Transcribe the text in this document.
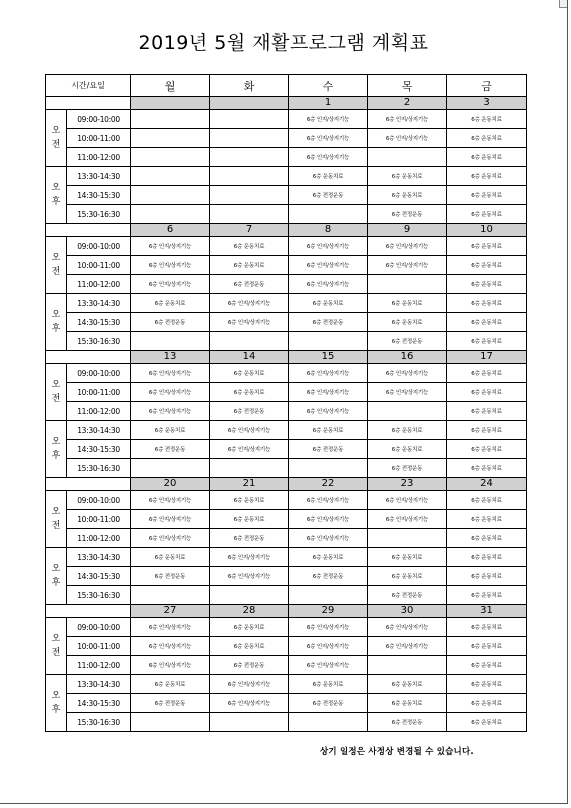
2019년 5월 재활프로그램 계획표
시간/요일		월	화	수	목	금
				1	2	3
오전	09:00-10:00			6층 인지/상지기능	6층 인지/상지기능	6층 운동치료
	10:00-11:00			6층 인지/상지기능	6층 인지/상지기능	6층 운동치료
	11:00-12:00			6층 인지/상지기능		6층 운동치료
오후	13:30-14:30			6층 운동치료	6층 운동치료	6층 운동치료
	14:30-15:30			6층 전정운동	6층 운동치료	6층 운동치료
	15:30-16:30				6층 전정운동	6층 운동치료
		6	7	8	9	10
오전	09:00-10:00	6층 인지/상지기능	6층 운동치료	6층 인지/상지기능	6층 인지/상지기능	6층 운동치료
	10:00-11:00	6층 인지/상지기능	6층 운동치료	6층 인지/상지기능	6층 인지/상지기능	6층 운동치료
	11:00-12:00	6층 인지/상지기능	6층 전정운동	6층 인지/상지기능		6층 운동치료
오후	13:30-14:30	6층 운동치료	6층 인지/상지기능	6층 운동치료	6층 운동치료	6층 운동치료
	14:30-15:30	6층 전정운동	6층 인지/상지기능	6층 전정운동	6층 운동치료	6층 운동치료
	15:30-16:30				6층 전정운동	6층 운동치료
		13	14	15	16	17
오전	09:00-10:00	6층 인지/상지기능	6층 운동치료	6층 인지/상지기능	6층 인지/상지기능	6층 운동치료
	10:00-11:00	6층 인지/상지기능	6층 운동치료	6층 인지/상지기능	6층 인지/상지기능	6층 운동치료
	11:00-12:00	6층 인지/상지기능	6층 전정운동	6층 인지/상지기능		6층 운동치료
오후	13:30-14:30	6층 운동치료	6층 인지/상지기능	6층 운동치료	6층 운동치료	6층 운동치료
	14:30-15:30	6층 전정운동	6층 인지/상지기능	6층 전정운동	6층 운동치료	6층 운동치료
	15:30-16:30				6층 전정운동	6층 운동치료
		20	21	22	23	24
오전	09:00-10:00	6층 인지/상지기능	6층 운동치료	6층 인지/상지기능	6층 인지/상지기능	6층 운동치료
	10:00-11:00	6층 인지/상지기능	6층 운동치료	6층 인지/상지기능	6층 인지/상지기능	6층 운동치료
	11:00-12:00	6층 인지/상지기능	6층 전정운동	6층 인지/상지기능		6층 운동치료
오후	13:30-14:30	6층 운동치료	6층 인지/상지기능	6층 운동치료	6층 운동치료	6층 운동치료
	14:30-15:30	6층 전정운동	6층 인지/상지기능	6층 전정운동	6층 운동치료	6층 운동치료
	15:30-16:30				6층 전정운동	6층 운동치료
		27	28	29	30	31
오전	09:00-10:00	6층 인지/상지기능	6층 운동치료	6층 인지/상지기능	6층 인지/상지기능	6층 운동치료
	10:00-11:00	6층 인지/상지기능	6층 운동치료	6층 인지/상지기능	6층 인지/상지기능	6층 운동치료
	11:00-12:00	6층 인지/상지기능	6층 전정운동	6층 인지/상지기능		6층 운동치료
오후	13:30-14:30	6층 운동치료	6층 인지/상지기능	6층 운동치료	6층 운동치료	6층 운동치료
	14:30-15:30	6층 전정운동	6층 인지/상지기능	6층 전정운동	6층 운동치료	6층 운동치료
	15:30-16:30				6층 전정운동	6층 운동치료
상기 일정은 사정상 변경될 수 있습니다.
